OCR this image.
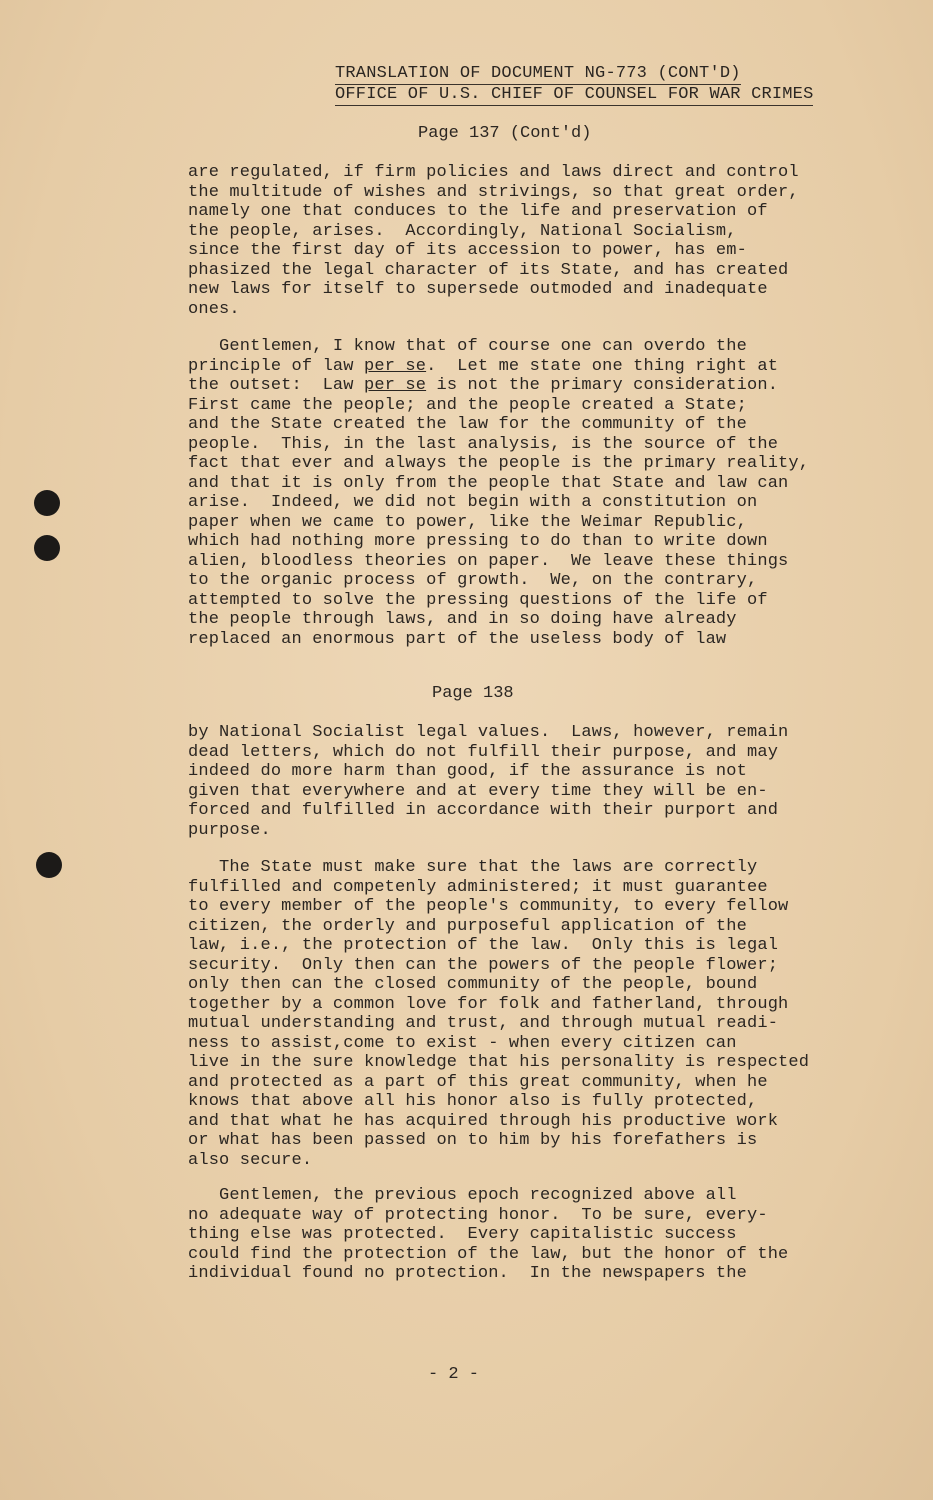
TRANSLATION OF DOCUMENT NG-773 (CONT'D)
OFFICE OF U.S. CHIEF OF COUNSEL FOR WAR CRIMES
Page 137 (Cont'd)
are regulated, if firm policies and laws direct and control
the multitude of wishes and strivings, so that great order,
namely one that conduces to the life and preservation of
the people, arises.  Accordingly, National Socialism,
since the first day of its accession to power, has em-
phasized the legal character of its State, and has created
new laws for itself to supersede outmoded and inadequate
ones.
Gentlemen, I know that of course one can overdo the
principle of law per se.  Let me state one thing right at
the outset:  Law per se is not the primary consideration.
First came the people; and the people created a State;
and the State created the law for the community of the
people.  This, in the last analysis, is the source of the
fact that ever and always the people is the primary reality,
and that it is only from the people that State and law can
arise.  Indeed, we did not begin with a constitution on
paper when we came to power, like the Weimar Republic,
which had nothing more pressing to do than to write down
alien, bloodless theories on paper.  We leave these things
to the organic process of growth.  We, on the contrary,
attempted to solve the pressing questions of the life of
the people through laws, and in so doing have already
replaced an enormous part of the useless body of law
Page 138
by National Socialist legal values.  Laws, however, remain
dead letters, which do not fulfill their purpose, and may
indeed do more harm than good, if the assurance is not
given that everywhere and at every time they will be en-
forced and fulfilled in accordance with their purport and
purpose.
The State must make sure that the laws are correctly
fulfilled and competenly administered; it must guarantee
to every member of the people's community, to every fellow
citizen, the orderly and purposeful application of the
law, i.e., the protection of the law.  Only this is legal
security.  Only then can the powers of the people flower;
only then can the closed community of the people, bound
together by a common love for folk and fatherland, through
mutual understanding and trust, and through mutual readi-
ness to assist,come to exist - when every citizen can
live in the sure knowledge that his personality is respected
and protected as a part of this great community, when he
knows that above all his honor also is fully protected,
and that what he has acquired through his productive work
or what has been passed on to him by his forefathers is
also secure.
Gentlemen, the previous epoch recognized above all
no adequate way of protecting honor.  To be sure, every-
thing else was protected.  Every capitalistic success
could find the protection of the law, but the honor of the
individual found no protection.  In the newspapers the
- 2 -
